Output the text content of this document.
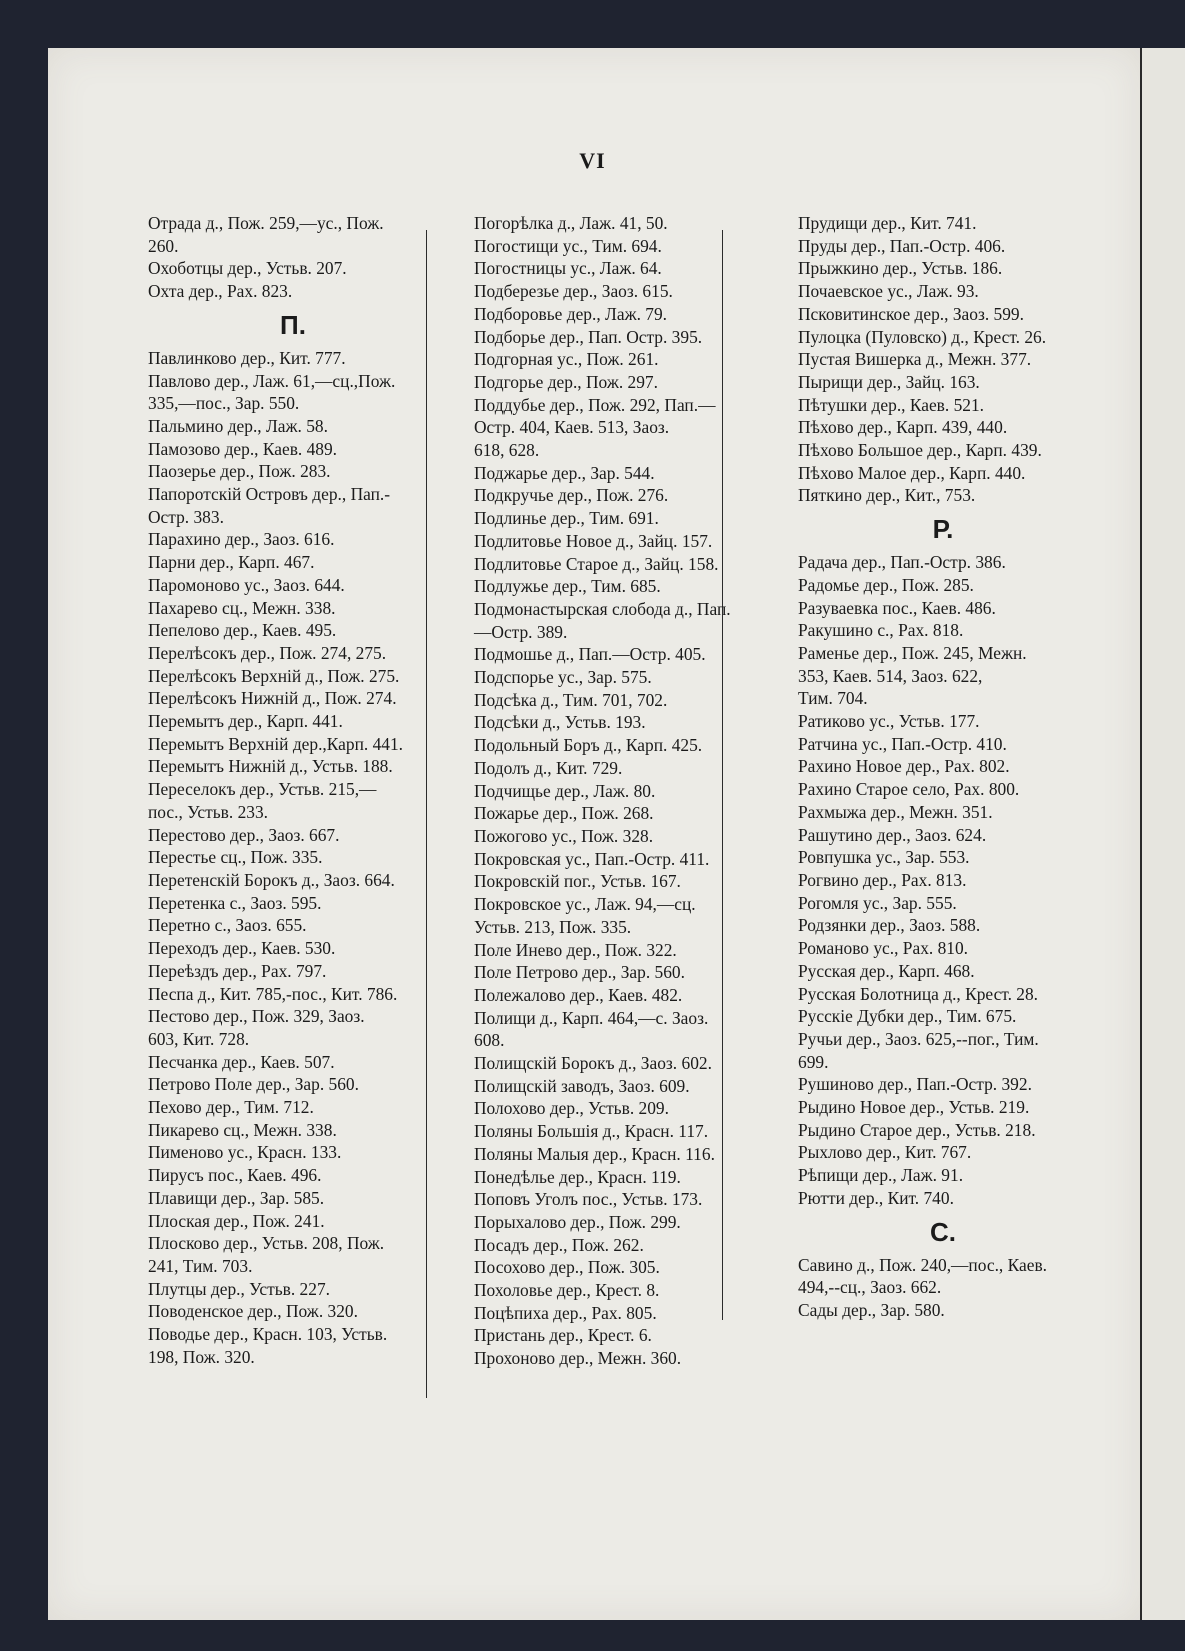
VI
Отрада д., Пож. 259,—ус., Пож.
260.
Охоботцы дер., Устьв. 207.
Охта дер., Рах. 823.
П.
Павлинково дер., Кит. 777.
Павлово дер., Лаж. 61,—сц.,Пож.
335,—пос., Зар. 550.
Пальмино дер., Лаж. 58.
Памозово дер., Каев. 489.
Паозерье дер., Пож. 283.
Папоротскій Островъ дер., Пап.-
Остр. 383.
Парахино дер., Заоз. 616.
Парни дер., Карп. 467.
Паромоново ус., Заоз. 644.
Пахарево сц., Межн. 338.
Пепелово дер., Каев. 495.
Перелѣсокъ дер., Пож. 274, 275.
Перелѣсокъ Верхній д., Пож. 275.
Перелѣсокъ Нижній д., Пож. 274.
Перемытъ дер., Карп. 441.
Перемытъ Верхній дер.,Карп. 441.
Перемытъ Нижній д., Устьв. 188.
Переселокъ дер., Устьв. 215,—
пос., Устьв. 233.
Перестово дер., Заоз. 667.
Перестье сц., Пож. 335.
Перетенскій Борокъ д., Заоз. 664.
Перетенка с., Заоз. 595.
Перетно с., Заоз. 655.
Переходъ дер., Каев. 530.
Переѣздъ дер., Рах. 797.
Песпа д., Кит. 785,-пос., Кит. 786.
Пестово дер., Пож. 329, Заоз.
603, Кит. 728.
Песчанка дер., Каев. 507.
Петрово Поле дер., Зар. 560.
Пехово дер., Тим. 712.
Пикарево сц., Межн. 338.
Пименово ус., Красн. 133.
Пирусъ пос., Каев. 496.
Плавищи дер., Зар. 585.
Плоская дер., Пож. 241.
Плосково дер., Устьв. 208, Пож.
241, Тим. 703.
Плутцы дер., Устьв. 227.
Поводенское дер., Пож. 320.
Поводье дер., Красн. 103, Устьв.
198, Пож. 320.
Погорѣлка д., Лаж. 41, 50.
Погостищи ус., Тим. 694.
Погостницы ус., Лаж. 64.
Подберезье дер., Заоз. 615.
Подборовье дер., Лаж. 79.
Подборье дер., Пап. Остр. 395.
Подгорная ус., Пож. 261.
Подгорье дер., Пож. 297.
Поддубье дер., Пож. 292, Пап.—
Остр. 404, Каев. 513, Заоз.
618, 628.
Поджарье дер., Зар. 544.
Подкручье дер., Пож. 276.
Подлинье дер., Тим. 691.
Подлитовье Новое д., Зайц. 157.
Подлитовье Старое д., Зайц. 158.
Подлужье дер., Тим. 685.
Подмонастырская слобода д., Пап.
—Остр. 389.
Подмошье д., Пап.—Остр. 405.
Подспорье ус., Зар. 575.
Подсѣка д., Тим. 701, 702.
Подсѣки д., Устьв. 193.
Подольный Боръ д., Карп. 425.
Подолъ д., Кит. 729.
Подчищье дер., Лаж. 80.
Пожарье дер., Пож. 268.
Пожогово ус., Пож. 328.
Покровская ус., Пап.-Остр. 411.
Покровскій пог., Устьв. 167.
Покровское ус., Лаж. 94,—сц.
Устьв. 213, Пож. 335.
Поле Инево дер., Пож. 322.
Поле Петрово дер., Зар. 560.
Полежалово дер., Каев. 482.
Полищи д., Карп. 464,—с. Заоз.
608.
Полищскій Борокъ д., Заоз. 602.
Полищскій заводъ, Заоз. 609.
Полохово дер., Устьв. 209.
Поляны Большія д., Красн. 117.
Поляны Малыя дер., Красн. 116.
Понедѣлье дер., Красн. 119.
Поповъ Уголъ пос., Устьв. 173.
Порыхалово дер., Пож. 299.
Посадъ дер., Пож. 262.
Посохово дер., Пож. 305.
Похоловье дер., Крест. 8.
Поцѣпиха дер., Рах. 805.
Пристань дер., Крест. 6.
Прохоново дер., Межн. 360.
Прудищи дер., Кит. 741.
Пруды дер., Пап.-Остр. 406.
Прыжкино дер., Устьв. 186.
Почаевское ус., Лаж. 93.
Псковитинское дер., Заоз. 599.
Пулоцка (Пуловско) д., Крест. 26.
Пустая Вишерка д., Межн. 377.
Пырищи дер., Зайц. 163.
Пѣтушки дер., Каев. 521.
Пѣхово дер., Карп. 439, 440.
Пѣхово Большое дер., Карп. 439.
Пѣхово Малое дер., Карп. 440.
Пяткино дер., Кит., 753.
Р.
Радача дер., Пап.-Остр. 386.
Радомье дер., Пож. 285.
Разуваевка пос., Каев. 486.
Ракушино с., Рах. 818.
Раменье дер., Пож. 245, Межн.
353, Каев. 514, Заоз. 622,
Тим. 704.
Ратиково ус., Устьв. 177.
Ратчина ус., Пап.-Остр. 410.
Рахино Новое дер., Рах. 802.
Рахино Старое село, Рах. 800.
Рахмыжа дер., Межн. 351.
Рашутино дер., Заоз. 624.
Ровпушка ус., Зар. 553.
Рогвино дер., Рах. 813.
Рогомля ус., Зар. 555.
Родзянки дер., Заоз. 588.
Романово ус., Рах. 810.
Русская дер., Карп. 468.
Русская Болотница д., Крест. 28.
Русскіе Дубки дер., Тим. 675.
Ручьи дер., Заоз. 625,--пог., Тим.
699.
Рушиново дер., Пап.-Остр. 392.
Рыдино Новое дер., Устьв. 219.
Рыдино Старое дер., Устьв. 218.
Рыхлово дер., Кит. 767.
Рѣпищи дер., Лаж. 91.
Рютти дер., Кит. 740.
С.
Савино д., Пож. 240,—пос., Каев.
494,--сц., Заоз. 662.
Сады дер., Зар. 580.
